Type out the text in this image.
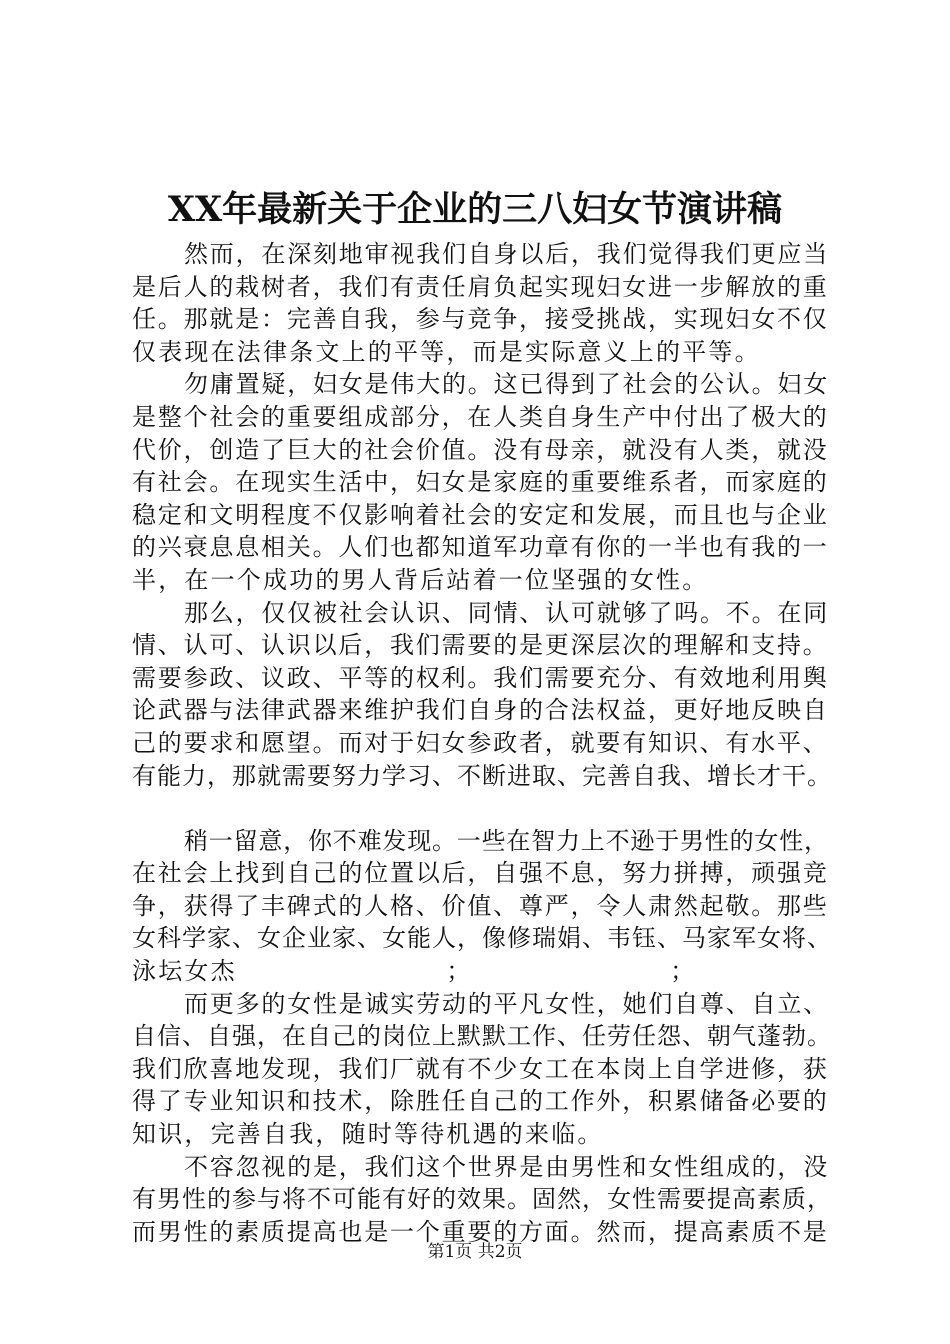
XX年最新关于企业的三八妇女节演讲稿
然而，在深刻地审视我们自身以后，我们觉得我们更应当
是后人的栽树者，我们有责任肩负起实现妇女进一步解放的重
任。那就是：完善自我，参与竞争，接受挑战，实现妇女不仅
仅表现在法律条文上的平等，而是实际意义上的平等。
勿庸置疑，妇女是伟大的。这已得到了社会的公认。妇女
是整个社会的重要组成部分，在人类自身生产中付出了极大的
代价，创造了巨大的社会价值。没有母亲，就没有人类，就没
有社会。在现实生活中，妇女是家庭的重要维系者，而家庭的
稳定和文明程度不仅影响着社会的安定和发展，而且也与企业
的兴衰息息相关。人们也都知道军功章有你的一半也有我的一
半，在一个成功的男人背后站着一位坚强的女性。
那么，仅仅被社会认识、同情、认可就够了吗。不。在同
情、认可、认识以后，我们需要的是更深层次的理解和支持。
需要参政、议政、平等的权利。我们需要充分、有效地利用舆
论武器与法律武器来维护我们自身的合法权益，更好地反映自
己的要求和愿望。而对于妇女参政者，就要有知识、有水平、
有能力，那就需要努力学习、不断进取、完善自我、增长才干。
稍一留意，你不难发现。一些在智力上不逊于男性的女性，
在社会上找到自己的位置以后，自强不息，努力拼搏，顽强竞
争，获得了丰碑式的人格、价值、尊严，令人肃然起敬。那些
女科学家、女企业家、女能人，像修瑞娟、韦钰、马家军女将、
泳坛女杰　　　　　　　　；　　　　　　　　；
而更多的女性是诚实劳动的平凡女性，她们自尊、自立、
自信、自强，在自己的岗位上默默工作、任劳任怨、朝气蓬勃。
我们欣喜地发现，我们厂就有不少女工在本岗上自学进修，获
得了专业知识和技术，除胜任自己的工作外，积累储备必要的
知识，完善自我，随时等待机遇的来临。
不容忽视的是，我们这个世界是由男性和女性组成的，没
有男性的参与将不可能有好的效果。固然，女性需要提高素质，
而男性的素质提高也是一个重要的方面。然而，提高素质不是
第1页 共2页
